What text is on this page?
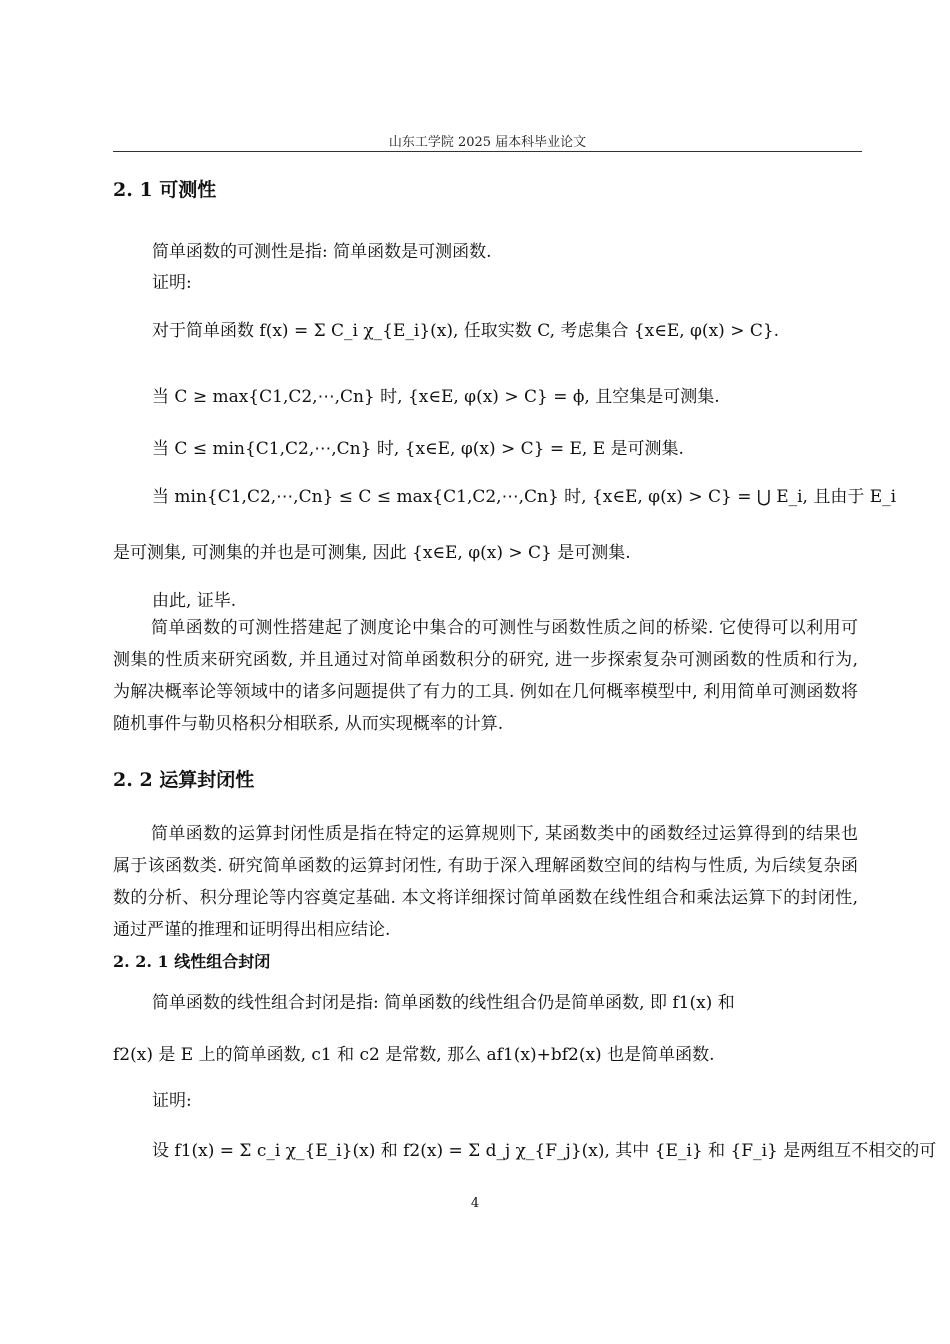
山东工学院 2025 届本科毕业论文
2. 1 可测性
简单函数的可测性是指: 简单函数是可测函数.
证明:
对于简单函数 f(x) = Σ C_i χ_{E_i}(x), 任取实数 C, 考虑集合 {x∈E, φ(x) > C}.
当 C ≥ max{C1,C2,⋯,Cn} 时, {x∈E, φ(x) > C} = ϕ, 且空集是可测集.
当 C ≤ min{C1,C2,⋯,Cn} 时, {x∈E, φ(x) > C} = E, E 是可测集.
当 min{C1,C2,⋯,Cn} ≤ C ≤ max{C1,C2,⋯,Cn} 时, {x∈E, φ(x) > C} = ⋃ E_i, 且由于 E_i
是可测集, 可测集的并也是可测集, 因此 {x∈E, φ(x) > C} 是可测集.
由此, 证毕.
简单函数的可测性搭建起了测度论中集合的可测性与函数性质之间的桥梁. 它使得可以利用可测集的性质来研究函数, 并且通过对简单函数积分的研究, 进一步探索复杂可测函数的性质和行为, 为解决概率论等领域中的诸多问题提供了有力的工具. 例如在几何概率模型中, 利用简单可测函数将随机事件与勒贝格积分相联系, 从而实现概率的计算.
2. 2 运算封闭性
简单函数的运算封闭性质是指在特定的运算规则下, 某函数类中的函数经过运算得到的结果也属于该函数类. 研究简单函数的运算封闭性, 有助于深入理解函数空间的结构与性质, 为后续复杂函数的分析、积分理论等内容奠定基础. 本文将详细探讨简单函数在线性组合和乘法运算下的封闭性, 通过严谨的推理和证明得出相应结论.
2. 2. 1 线性组合封闭
简单函数的线性组合封闭是指: 简单函数的线性组合仍是简单函数, 即 f1(x) 和
f2(x) 是 E 上的简单函数, c1 和 c2 是常数, 那么 af1(x)+bf2(x) 也是简单函数.
证明:
设 f1(x) = Σ c_i χ_{E_i}(x) 和 f2(x) = Σ d_j χ_{F_j}(x), 其中 {E_i} 和 {F_i} 是两组互不相交的可
4
